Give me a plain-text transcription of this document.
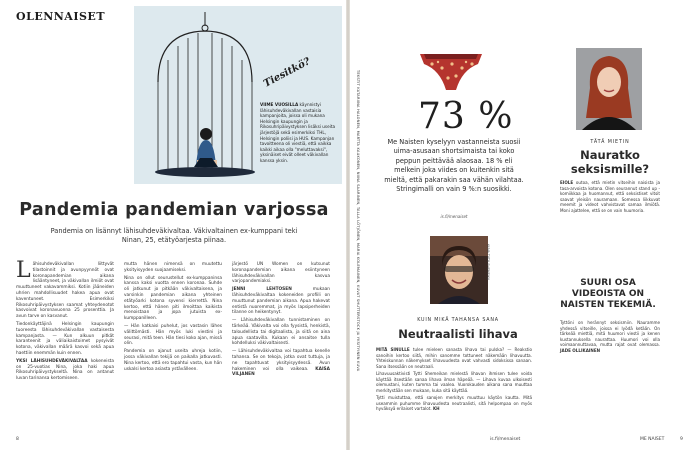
OLENNAISET
Tiesitkö?
VIIME VUOSILLA käynnistyi lähisuhdeväkivallan vastaisia kampanjoita, joissa oli mukana Helsingin kaupungin ja Rikosuhripäivystyksen lisäksi useita järjestöjä sekä esimerkiksi THL, Helsingin poliisi ja HUS. Kampanjan tavoitteena oli viestiä, että vaikka kaikki aikaa olla "meluttavaksi", yksinäiset eivät olleet väkivallan kanssa yksin.
Pandemia pandemian varjossa
Pandemia on lisännyt lähisuhdeväkivaltaa. Väkivaltainen ex-kumppani teki Ninan, 25, etätyöarjesta piinaa.

Lähisuhdeväkivallan liittyvät tilastoinnit ja avunpyynnöt ovat koronapandemian aikana lisääntyneet, ja väkivallan ilmiöt ovat muuttuneet vakavammiksi. Kotiin jääneiden uhrien mahdollisuudet hakea apua ovat kaventuneet. Esimerkiksi Rikosuhripäivystyksen saamat yhteydenotot kasvoivat koronavuonna 25 prosenttia. Ja avun tarve on kasvanut.

Tiedonkäyttäjinä Helsingin kaupungin tuoreesta lähisuhdeväkivallan vastaisesta kampanjasta. — Kun alkuun pitkät karanteenit ja väliaikaistoimet pysyivät kotona, väkivallan määrä kasvoi sekä apua haettiin enemmän kuin ennen.

YKSI LÄHISUHDEVÄKIVALTAA kokeneista on 25-vuotias Nina, joka haki apua Rikosuhripäivystykseltä. Nina on antanut luvan tarinansa kertomiseen.

mutta hänen nimensä on muutettu yksityisyyden suojaamiseksi.

Nina on ollut seurustellut ex-kumppaninsa kanssa kaksi vuotta ennen koronaa. Suhde oli jatkunut jo pitkään väkivaltaisena, ja varsinkin pandemian aikana yhteinen etätyöarki kotona syvensi kierrettä. Nina kertoo, että hänen piti ilmoittaa kaikista menoistaan ja jopa jutuista ex-kumppanilleen.

— Hän katkaisi puhelut, jos vastasin lähes välittömästi. Hän myös luki viestini ja seurasi, mitä teen. Hän tiesi koko ajan, missä olin.

Pandemia on ajanut useita uhreja kotiin, jossa väkivallan tekijä on paikalla jatkuvasti. Nina kertoo, että ero tapahtui vasta, kun hän uskalsi kertoa asiasta ystävälleen.

järjestö UN Women on kutsunut koronapandemian aikana esiintyneen lähisuhdeväkivallan kasvua varjopandemiaksi.

JENNI LEHTOSEN	mukaan lähisuhdeväkivaltaa kokeneiden profiili on muuttunut pandemian aikana. Apua hakevat entistä nuoremmat, ja myös lapsiperheiden tilanne on heikentynyt.

— Lähisuhdeväkivallan tunnistaminen on tärkeää. Väkivalta voi olla fyysistä, henkistä, taloudellista tai digitaalista, ja siitä on aina apua saatavilla. Kukaan ei ansaitse tulla kohdelluksi väkivaltaisesti.

— Lähisuhdeväkivaltaa voi tapahtua kenelle tahansa. Se on tekoja, jotka ovat tuttuja, ja ne tapahtuvat yksityisyydessä. Avun hakeminen voi olla vaikeaa. KAISA VILJANEN

8
TEKSTIT KATARIINA HALONEN, MARTTA KAUKONEN, NIINA SAARINEN, TALLA LÖTJÖNEN, MARIA KOLEMAINEN, KUVAT SHUTTERSTOCK JA YKSITYINEN KUVA 73 %
Me Naisten kyselyyn vastanneista suosii uima-asusaan shortsimaista tai koko peppun peittävää alaosaa. 18 % eli melkein joka viides on kuitenkin sitä mieltä, että pakarakin saa vähän vilahtaa. Stringimalli on vain 9 %:n suosikki.
is.fi/menaiset
KUVA TIITU SHEMEIKA
KUIN MIKÄ TAHANSA SANA
Neutraalisti lihava

MITÄ SINULLE tulee mieleen sanasta lihava tai pulska? — Reakstio sanoihin kertoo siitä, mihin sanomme tottuneet näkemään lihavuutta. Yhteiskunnan näkemykset lihavuudesta ovat vahvasti sidoksissa sanaan. Sana itsessään on neutraali.

Lihavuusaktivisti Tytti Shemeikan mielestä lihavan ihmisen tulee voida käyttää itsestään sanaa lihava ilman häpeää. — Lihava kuvaa ulkoisesti olemustani, kuten tumma tai vaalea. Vuorokauden aikana sana muuttaa merkitystään sen mukaan, kuka sitä käyttää.

Tytti muistuttaa, että sanojen merkitys muuttuu käytön kautta. Mitä useammin puhumme lihavuudesta neutraalisti, sitä helpompaa on myös hyväksyä erilaiset vartalot. KH

TÄTÄ MIETIN
Nauratko seksismille?
EIOLE outoa, että mietin vitseihin naisista ja tasa-arvoista kotona. Olen seurannut stand up -komiikkaa ja huomannut, että seksistiset vitsit saavat yleisön nauramaan. Somessa liikkuvat meemit ja videot vahvistavat samaa ilmiötä. Moni ajattelee, että se on vain huumoria.
SUURI OSA VIDEOISTA ON NAISTEN TEKEMIÄ.
Tyttöni on herännyt seksismiin. Nauramme yhdessä vitseille, joissa ei lyödä ketään. On tärkeää miettiä, mitä huumori viestii ja kenen kustannuksella naurattaa. Huumori voi olla voimaannuttavaa, mutta rajat ovat olemassa. JADE OLLIKAINEN
is.fi/menaiset	ME NAISET	9
